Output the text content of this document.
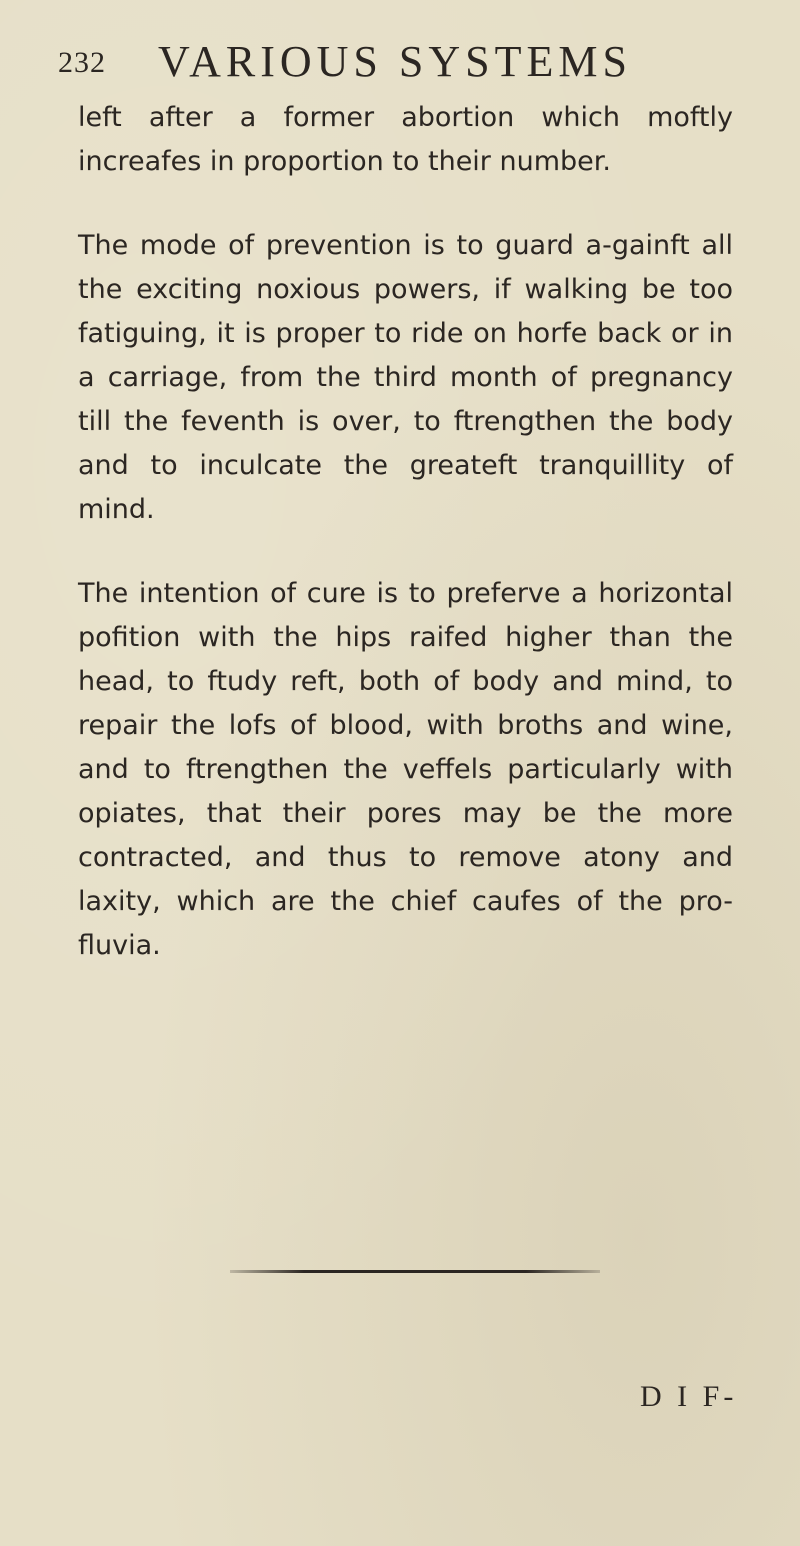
232 VARIOUS SYSTEMS

left after a former abortion which moftly increafes in proportion to their number.

The mode of prevention is to guard a-gainft all the exciting noxious powers, if walking be too fatiguing, it is proper to ride on horfe back or in a carriage, from the third month of pregnancy till the feventh is over, to ftrengthen the body and to inculcate the greateft tranquillity of mind.

The intention of cure is to preferve a horizontal pofition with the hips raifed higher than the head, to ftudy reft, both of body and mind, to repair the lofs of blood, with broths and wine, and to ftrengthen the veffels particularly with opiates, that their pores may be the more contracted, and thus to remove atony and laxity, which are the chief caufes of the pro-fluvia.

D I F-
